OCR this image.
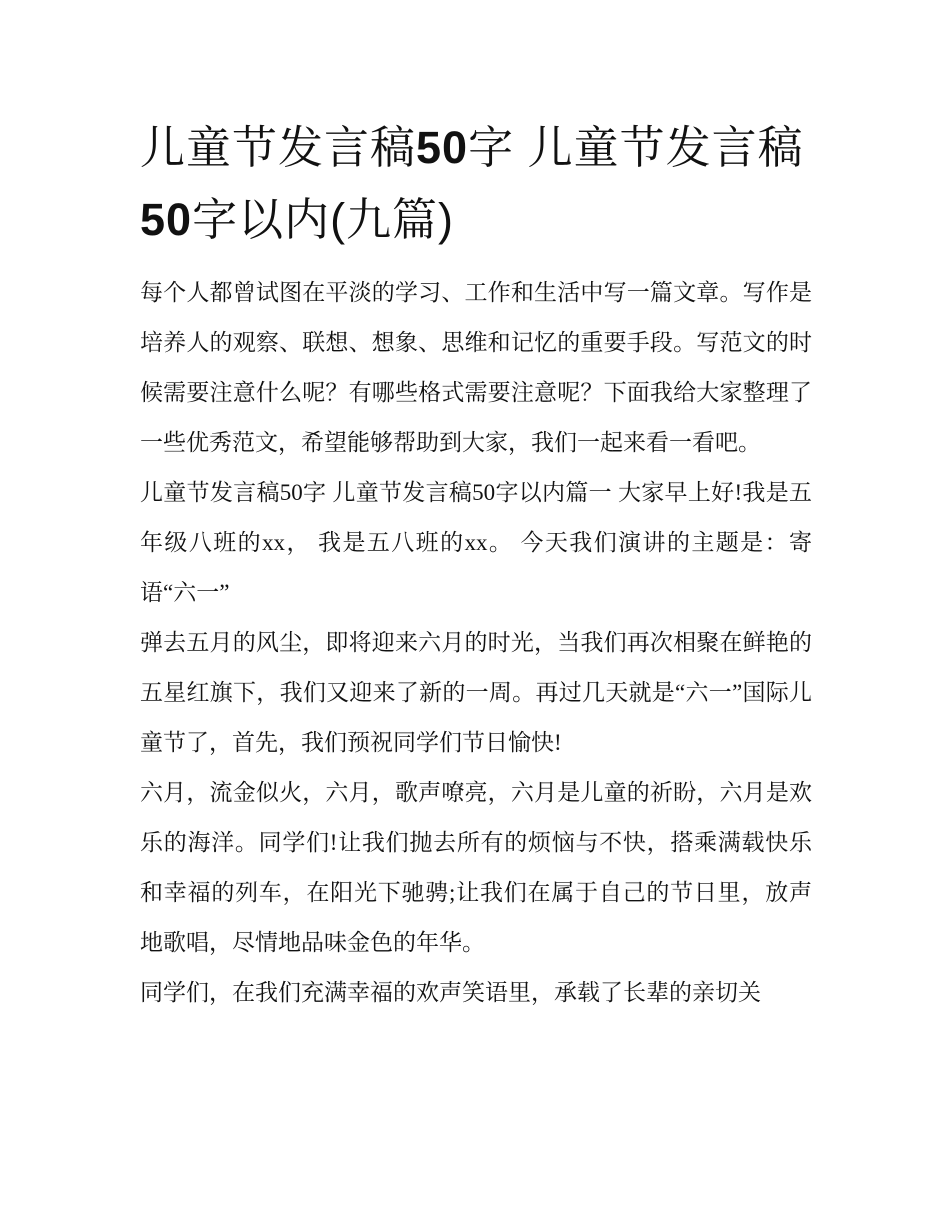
儿童节发言稿50字 儿童节发言稿50字以内(九篇)

每个人都曾试图在平淡的学习、工作和生活中写一篇文章。写作是培养人的观察、联想、想象、思维和记忆的重要手段。写范文的时候需要注意什么呢？有哪些格式需要注意呢？下面我给大家整理了一些优秀范文，希望能够帮助到大家，我们一起来看一看吧。

儿童节发言稿50字 儿童节发言稿50字以内篇一 大家早上好!我是五年级八班的xx， 我是五八班的xx。 今天我们演讲的主题是：寄语“六一”

弹去五月的风尘，即将迎来六月的时光，当我们再次相聚在鲜艳的五星红旗下，我们又迎来了新的一周。再过几天就是“六一”国际儿童节了，首先，我们预祝同学们节日愉快!

六月，流金似火，六月，歌声嘹亮，六月是儿童的祈盼，六月是欢乐的海洋。同学们!让我们抛去所有的烦恼与不快，搭乘满载快乐和幸福的列车，在阳光下驰骋;让我们在属于自己的节日里，放声地歌唱，尽情地品味金色的年华。

同学们，在我们充满幸福的欢声笑语里，承载了长辈的亲切关
